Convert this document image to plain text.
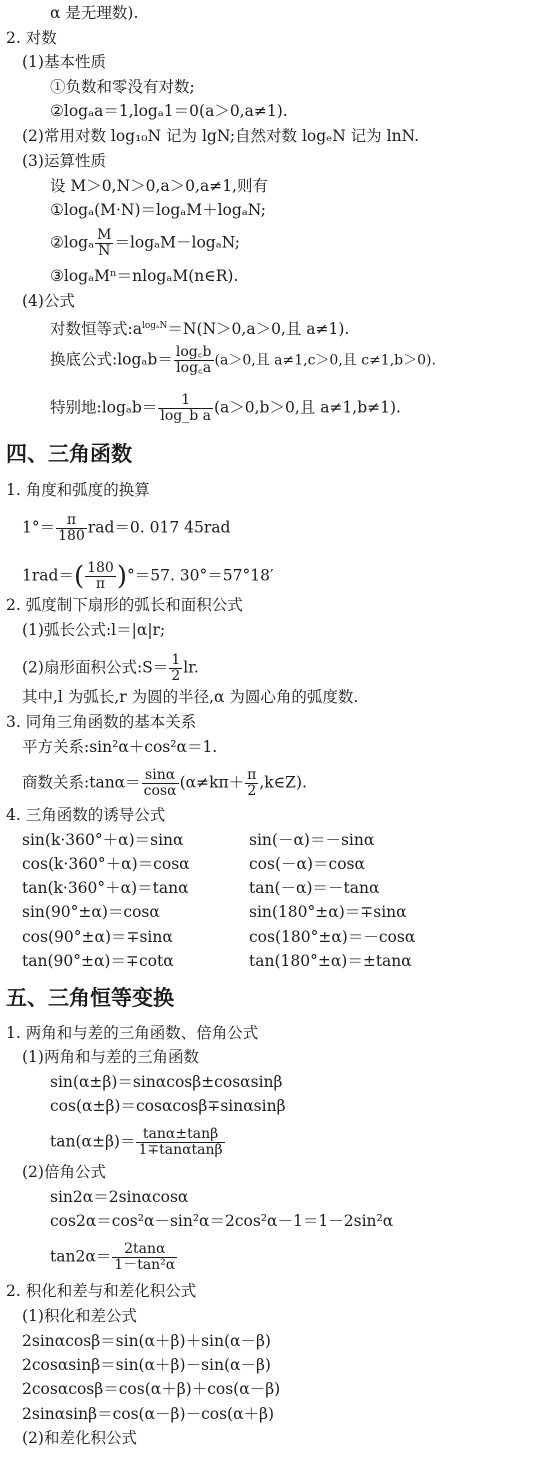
α 是无理数).
2. 对数
(1)基本性质
①负数和零没有对数;
②logₐa＝1,logₐ1＝0(a＞0,a≠1).
(2)常用对数 log₁₀N 记为 lgN;自然对数 logₑN 记为 lnN.
(3)运算性质
设 M＞0,N＞0,a＞0,a≠1,则有
①logₐ(M·N)＝logₐM＋logₐN;
②logₐ $\frac{M}{N} =\log_aM-\log_aN$;
③logₐMⁿ＝nlogₐM(n∈R).
(4)公式
对数恒等式$:a^{log_aN}=N(N>0,a>0$,且 a≠1).
换底公式:logₐb＝ $\frac{\log꜀b}{\log꜀a} (a>0$,且 a≠1,c＞0,且 c≠1,b＞0).
特别地:logₐb＝ $\frac{1}{\text{log\_b a}} (a>0,b>0$,且 a≠1,b≠1).
四、三角函数
1. 角度和弧度的换算
$1^\circ= \frac{\pi}{180} rad=0$. 017 45rad
$1rad=( \frac{180}{\pi} )^\circ=57$. 30°＝57°18′
2. 弧度制下扇形的弧长和面积公式
(1)弧长公式:l＝|α|r;
(2)扇形面积公式:S＝ $\frac{1}{2}$ lr.
其中,l 为弧长,r 为圆的半径,α 为圆心角的弧度数.
3. 同角三角函数的基本关系
平方关系:sin²α＋cos²α＝1.
商数关系:tanα＝ $\frac{\sin\alpha}{\cos\alpha} (\alpha\ne k\pi+ \frac{\pi}{2}$ ,k∈Z).
4. 三角函数的诱导公式
sin(k·360°＋α)＝sinα
cos(k·360°＋α)＝cosα
tan(k·360°＋α)＝tanα
sin(90°±α)＝cosα
cos(90°±α)＝∓sinα
tan(90°±α)＝∓cotα
sin(－α)＝－sinα
cos(－α)＝cosα
tan(－α)＝－tanα
sin(180°±α)＝∓sinα
cos(180°±α)＝－cosα
tan(180°±α)＝±tanα
五、三角恒等变换
1. 两角和与差的三角函数、倍角公式
(1)两角和与差的三角函数
sin(α±β)＝sinαcosβ±cosαsinβ
cos(α±β)＝cosαcosβ∓sinαsinβ
$\tan(\alpha\pm\beta)= \frac{\tan\alpha\pm\tan\beta}{1\mp\tan\alpha\tan\beta}$
(2)倍角公式
sin2α＝2sinαcosα
cos2α＝cos²α－sin²α＝2cos²α－1＝1－2sin²α
$\tan 2\alpha= \frac{2\tan\alpha}{\text{1－tan²α}}$
2. 积化和差与和差化积公式
(1)积化和差公式
2sinαcosβ＝sin(α＋β)＋sin(α－β)
2cosαsinβ＝sin(α＋β)－sin(α－β)
2cosαcosβ＝cos(α＋β)＋cos(α－β)
2sinαsinβ＝cos(α－β)－cos(α＋β)
(2)和差化积公式
